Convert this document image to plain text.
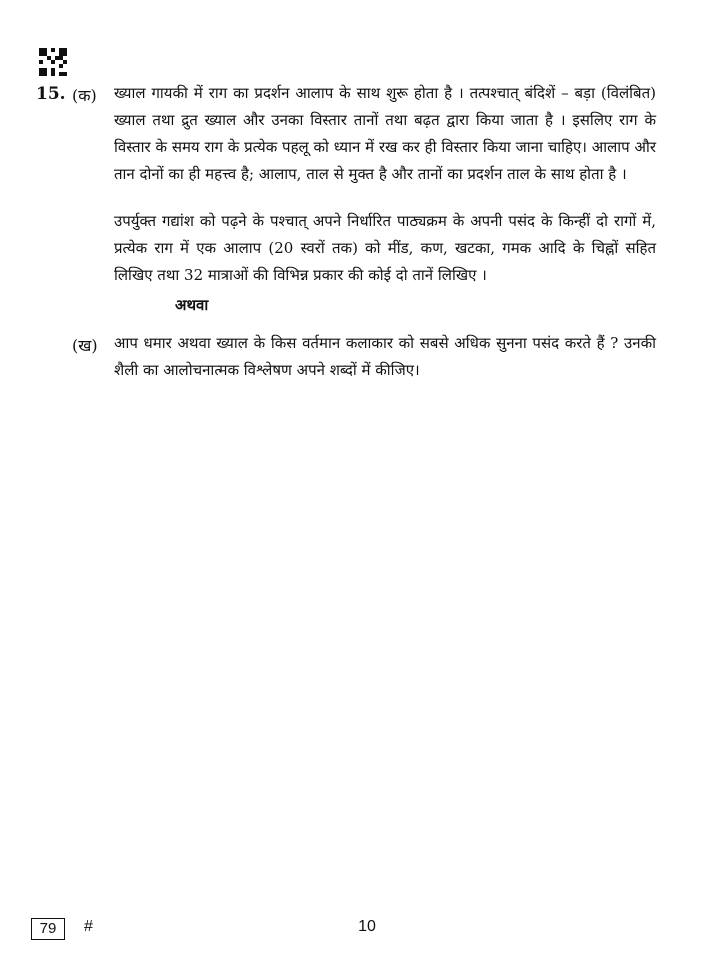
15. (क) ख्याल गायकी में राग का प्रदर्शन आलाप के साथ शुरू होता है । तत्पश्चात् बंदिशें – बड़ा (विलंबित) ख्याल तथा द्रुत ख्याल और उनका विस्तार तानों तथा बढ़त द्वारा किया जाता है । इसलिए राग के विस्तार के समय राग के प्रत्येक पहलू को ध्यान में रख कर ही विस्तार किया जाना चाहिए। आलाप और तान दोनों का ही महत्त्व है; आलाप, ताल से मुक्त है और तानों का प्रदर्शन ताल के साथ होता है ।
उपर्युक्त गद्यांश को पढ़ने के पश्चात् अपने निर्धारित पाठ्यक्रम के अपनी पसंद के किन्हीं दो रागों में, प्रत्येक राग में एक आलाप (20 स्वरों तक) को मींड, कण, खटका, गमक आदि के चिह्नों सहित लिखिए तथा 32 मात्राओं की विभिन्न प्रकार की कोई दो तानें लिखिए ।
अथवा
(ख) आप धमार अथवा ख्याल के किस वर्तमान कलाकार को सबसे अधिक सुनना पसंद करते हैं ? उनकी शैली का आलोचनात्मक विश्लेषण अपने शब्दों में कीजिए।
79	#	10
